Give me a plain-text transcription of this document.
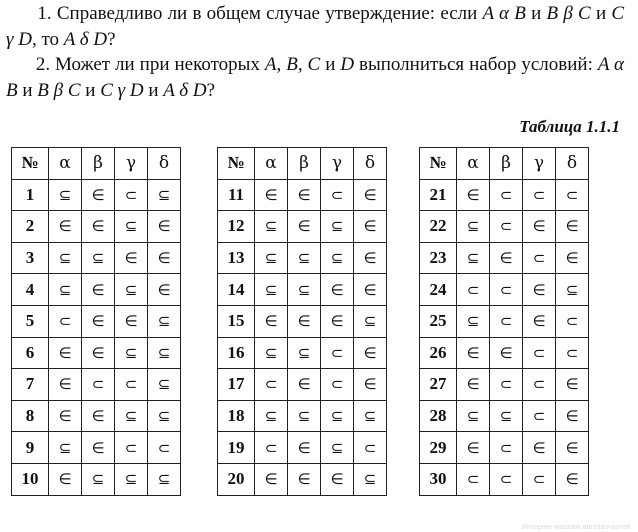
1. Справедливо ли в общем случае утверждение: если A α B и B β C и C γ D, то A δ D?
2. Может ли при некоторых A, B, C и D выполниться набор условий: A α B и B β C и C γ D и A δ D?
Таблица 1.1.1
№	α	β	γ	δ
1	⊆	∈	⊂	⊆
2	∈	∈	⊆	∈
3	⊆	⊆	∈	∈
4	⊆	∈	⊆	∈
5	⊂	∈	∈	⊆
6	∈	∈	⊆	⊆
7	∈	⊂	⊂	⊆
8	∈	∈	⊆	⊆
9	⊆	∈	⊂	⊂
10	∈	⊆	⊆	⊆
№	α	β	γ	δ
11	∈	∈	⊂	∈
12	⊆	∈	⊆	∈
13	⊆	⊆	⊆	∈
14	⊆	⊆	∈	∈
15	∈	∈	∈	⊆
16	⊆	⊆	⊂	∈
17	⊂	∈	⊂	∈
18	⊆	⊆	⊆	⊆
19	⊂	∈	⊆	⊂
20	∈	∈	∈	⊆
№	α	β	γ	δ
21	∈	⊂	⊂	⊂
22	⊆	⊂	∈	∈
23	⊆	∈	⊂	∈
24	⊂	⊂	∈	⊆
25	⊆	⊂	∈	⊂
26	∈	∈	⊂	⊂
27	∈	⊂	⊂	∈
28	⊆	⊆	⊂	∈
29	∈	⊂	∈	∈
30	⊂	⊂	⊂	∈
Интернет-магазин автозапчастей
